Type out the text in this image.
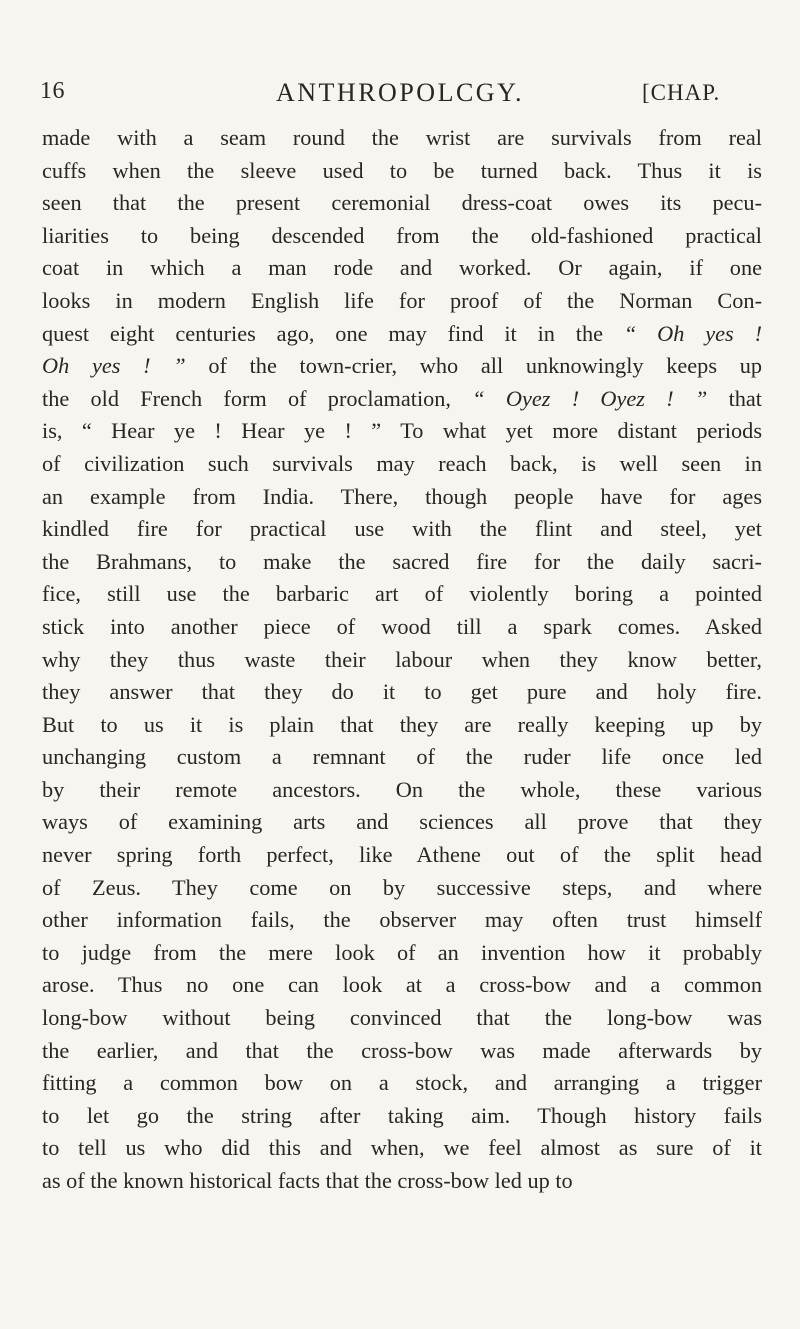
16	ANTHROPOLCGY.	[CHAP.
made with a seam round the wrist are survivals from real
cuffs when the sleeve used to be turned back. Thus it is
seen that the present ceremonial dress-coat owes its pecu-
liarities to being descended from the old-fashioned practical
coat in which a man rode and worked. Or again, if one
looks in modern English life for proof of the Norman Con-
quest eight centuries ago, one may find it in the “ Oh yes !
Oh yes ! ” of the town-crier, who all unknowingly keeps up
the old French form of proclamation, “ Oyez ! Oyez ! ” that
is, “ Hear ye ! Hear ye ! ” To what yet more distant periods
of civilization such survivals may reach back, is well seen in
an example from India. There, though people have for ages
kindled fire for practical use with the flint and steel, yet
the Brahmans, to make the sacred fire for the daily sacri-
fice, still use the barbaric art of violently boring a pointed
stick into another piece of wood till a spark comes. Asked
why they thus waste their labour when they know better,
they answer that they do it to get pure and holy fire.
But to us it is plain that they are really keeping up by
unchanging custom a remnant of the ruder life once led
by their remote ancestors. On the whole, these various
ways of examining arts and sciences all prove that they
never spring forth perfect, like Athene out of the split head
of Zeus. They come on by successive steps, and where
other information fails, the observer may often trust himself
to judge from the mere look of an invention how it probably
arose. Thus no one can look at a cross-bow and a common
long-bow without being convinced that the long-bow was
the earlier, and that the cross-bow was made afterwards by
fitting a common bow on a stock, and arranging a trigger
to let go the string after taking aim. Though history fails
to tell us who did this and when, we feel almost as sure of it
as of the known historical facts that the cross-bow led up to
